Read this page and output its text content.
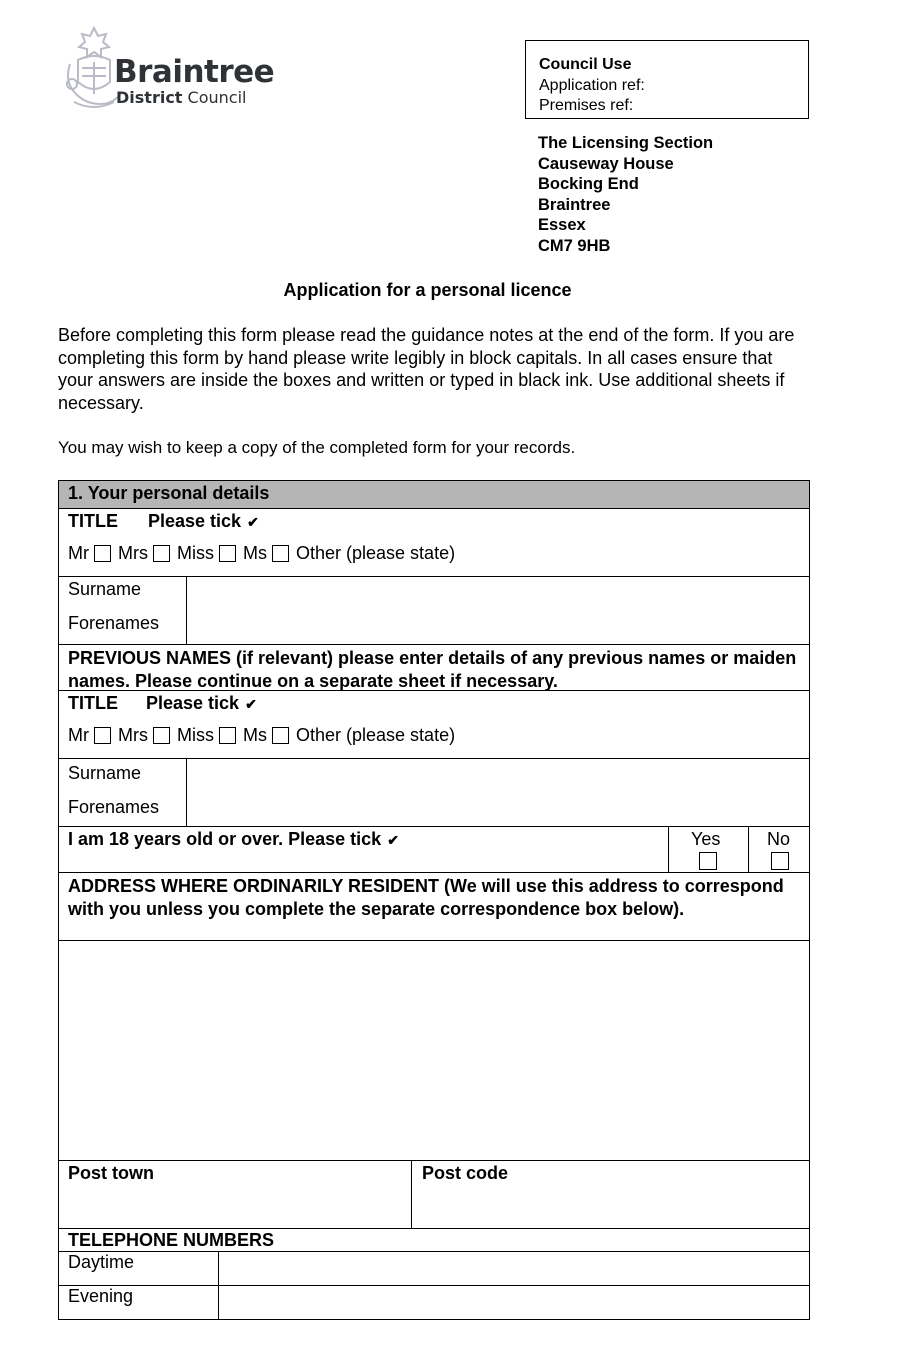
Braintree
District Council
Council Use
Application ref:
Premises ref:
The Licensing Section
Causeway House
Bocking End
Braintree
Essex
CM7 9HB
Application for a personal licence
Before completing this form please read the guidance notes at the end of the form. If you are completing this form by hand please write legibly in block capitals. In all cases ensure that your answers are inside the boxes and written or typed in black ink. Use additional sheets if necessary.
You may wish to keep a copy of the completed form for your records.
1. Your personal details
TITLE Please tick ✔
Mr Mrs Miss Ms Other (please state)
Surname
Forenames
PREVIOUS NAMES (if relevant) please enter details of any previous names or maiden names. Please continue on a separate sheet if necessary.
TITLE Please tick ✔
Mr Mrs Miss Ms Other (please state)
Surname
Forenames
I am 18 years old or over. Please tick ✔	Yes	No
ADDRESS WHERE ORDINARILY RESIDENT (We will use this address to correspond with you unless you complete the separate correspondence box below).
Post town	Post code
TELEPHONE NUMBERS
Daytime
Evening
